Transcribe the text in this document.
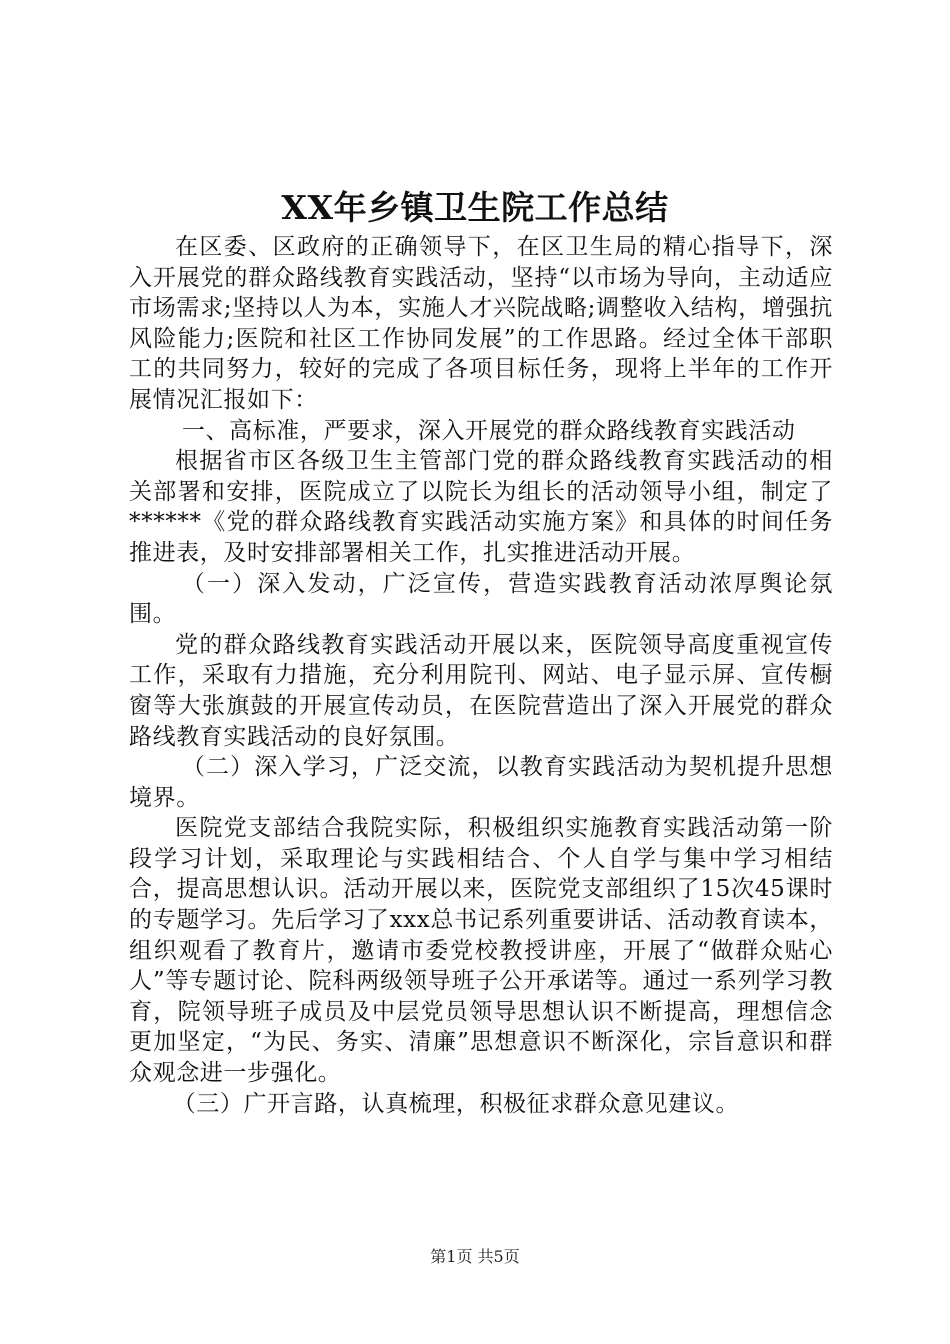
XX年乡镇卫生院工作总结

在区委、区政府的正确领导下，在区卫生局的精心指导下，深入开展党的群众路线教育实践活动，坚持“以市场为导向，主动适应市场需求;坚持以人为本，实施人才兴院战略;调整收入结构，增强抗风险能力;医院和社区工作协同发展”的工作思路。经过全体干部职工的共同努力，较好的完成了各项目标任务，现将上半年的工作开展情况汇报如下：

一、高标准，严要求，深入开展党的群众路线教育实践活动

根据省市区各级卫生主管部门党的群众路线教育实践活动的相关部署和安排，医院成立了以院长为组长的活动领导小组，制定了******《党的群众路线教育实践活动实施方案》和具体的时间任务推进表，及时安排部署相关工作，扎实推进活动开展。

（一）深入发动，广泛宣传，营造实践教育活动浓厚舆论氛围。

党的群众路线教育实践活动开展以来，医院领导高度重视宣传工作，采取有力措施，充分利用院刊、网站、电子显示屏、宣传橱窗等大张旗鼓的开展宣传动员，在医院营造出了深入开展党的群众路线教育实践活动的良好氛围。

（二）深入学习，广泛交流，以教育实践活动为契机提升思想境界。

医院党支部结合我院实际，积极组织实施教育实践活动第一阶段学习计划，采取理论与实践相结合、个人自学与集中学习相结合，提高思想认识。活动开展以来，医院党支部组织了15次45课时的专题学习。先后学习了xxx总书记系列重要讲话、活动教育读本，组织观看了教育片，邀请市委党校教授讲座，开展了“做群众贴心人”等专题讨论、院科两级领导班子公开承诺等。通过一系列学习教育，院领导班子成员及中层党员领导思想认识不断提高，理想信念更加坚定，“为民、务实、清廉”思想意识不断深化，宗旨意识和群众观念进一步强化。

（三）广开言路，认真梳理，积极征求群众意见建议。

第1页 共5页
